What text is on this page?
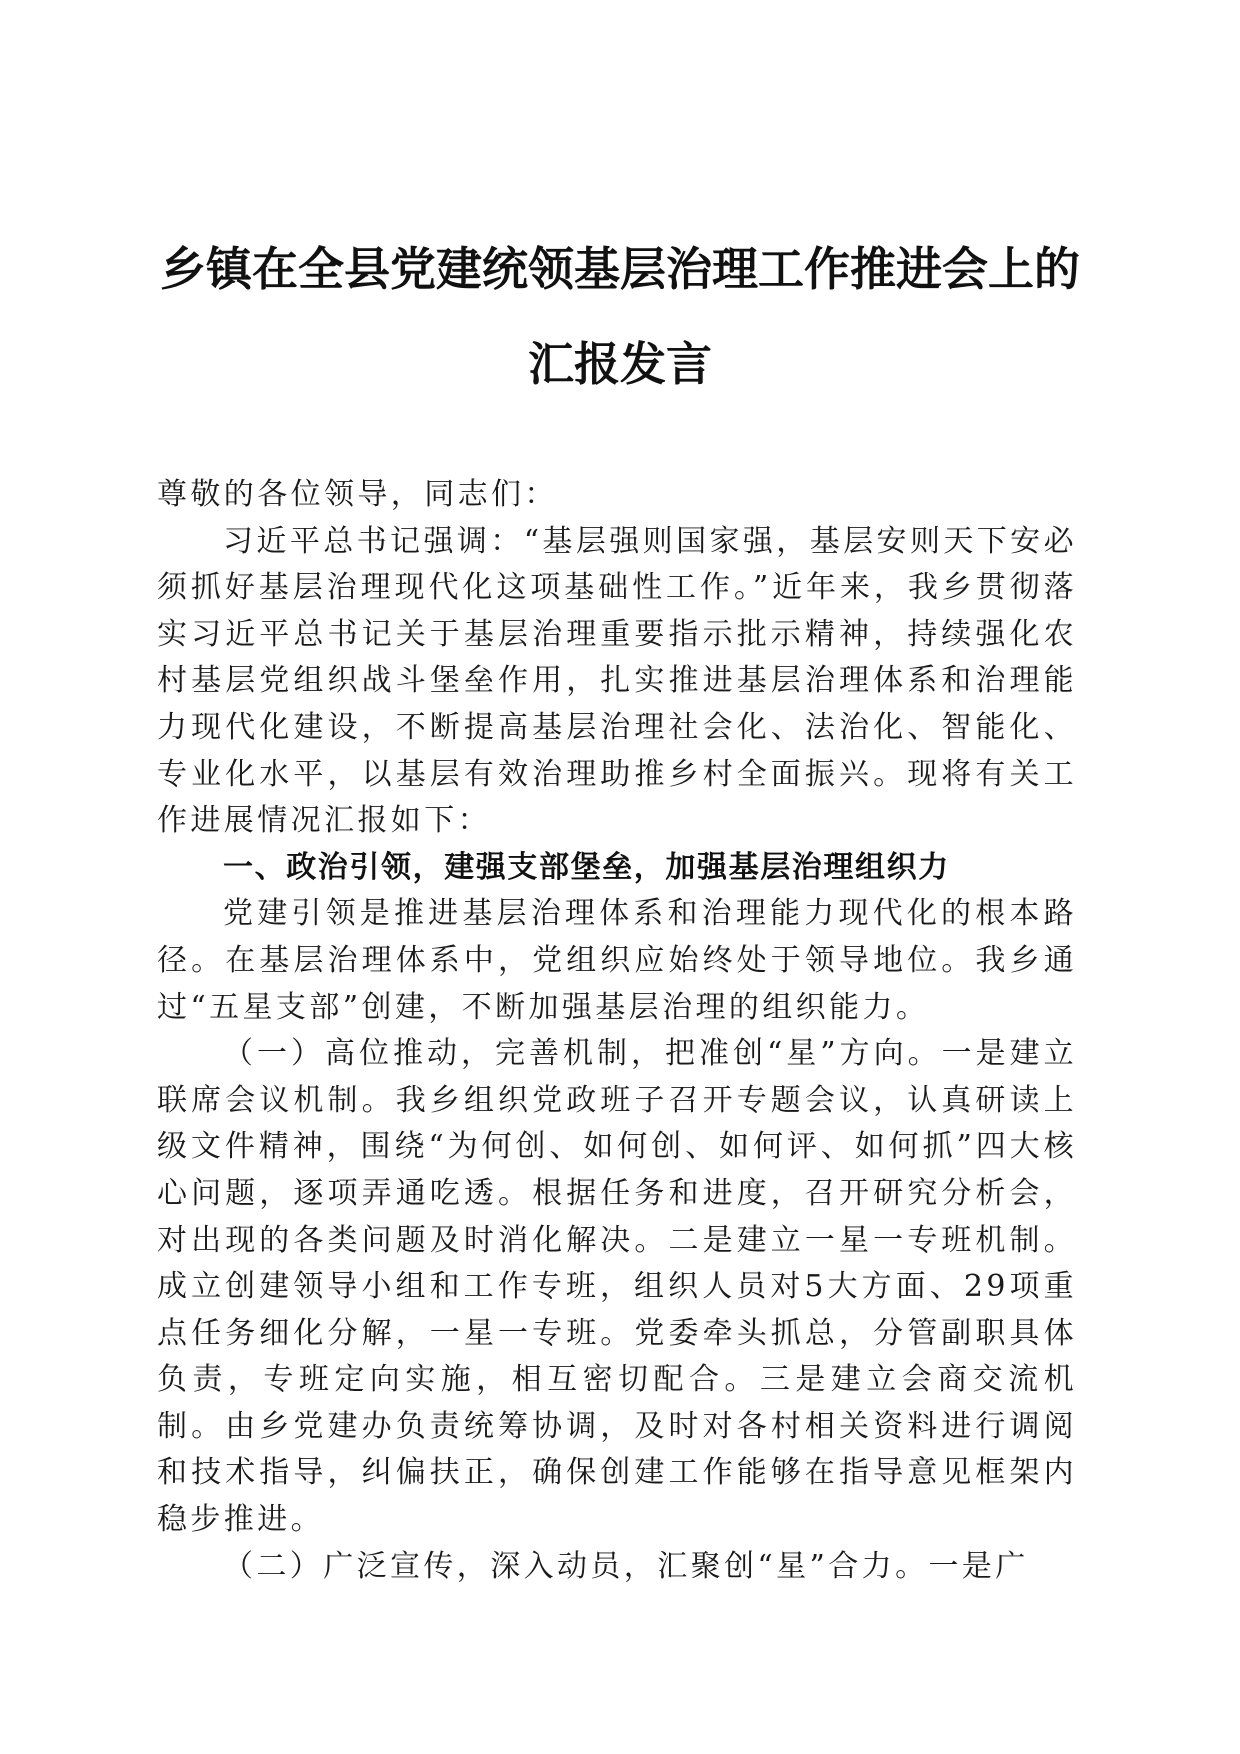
乡镇在全县党建统领基层治理工作推进会上的
汇报发言

尊敬的各位领导，同志们：

习近平总书记强调：“基层强则国家强，基层安则天下安必须抓好基层治理现代化这项基础性工作。”近年来，我乡贯彻落实习近平总书记关于基层治理重要指示批示精神，持续强化农村基层党组织战斗堡垒作用，扎实推进基层治理体系和治理能力现代化建设，不断提高基层治理社会化、法治化、智能化、专业化水平，以基层有效治理助推乡村全面振兴。现将有关工作进展情况汇报如下：

一、政治引领，建强支部堡垒，加强基层治理组织力

党建引领是推进基层治理体系和治理能力现代化的根本路径。在基层治理体系中，党组织应始终处于领导地位。我乡通过“五星支部”创建，不断加强基层治理的组织能力。

（一）高位推动，完善机制，把准创“星”方向。一是建立联席会议机制。我乡组织党政班子召开专题会议，认真研读上级文件精神，围绕“为何创、如何创、如何评、如何抓”四大核心问题，逐项弄通吃透。根据任务和进度，召开研究分析会，对出现的各类问题及时消化解决。二是建立一星一专班机制。成立创建领导小组和工作专班，组织人员对5大方面、29项重点任务细化分解，一星一专班。党委牵头抓总，分管副职具体负责，专班定向实施，相互密切配合。三是建立会商交流机制。由乡党建办负责统筹协调，及时对各村相关资料进行调阅和技术指导，纠偏扶正，确保创建工作能够在指导意见框架内稳步推进。

（二）广泛宣传，深入动员，汇聚创“星”合力。一是广
